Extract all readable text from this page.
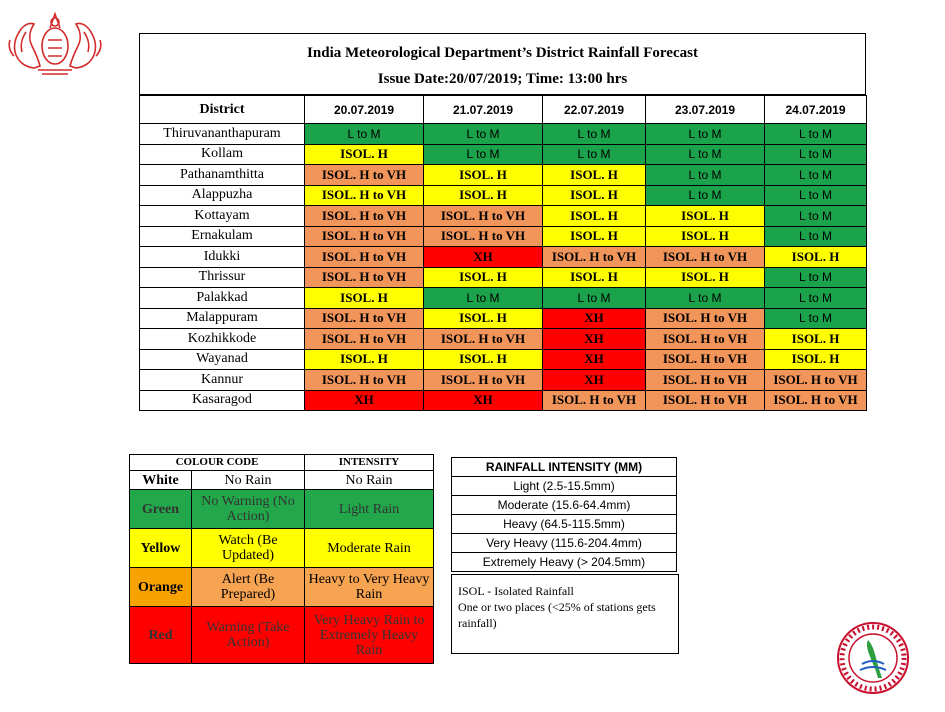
India Meteorological Department’s District Rainfall Forecast
Issue Date:20/07/2019; Time: 13:00 hrs
District	20.07.2019	21.07.2019	22.07.2019	23.07.2019	24.07.2019
Thiruvananthapuram	L to M	L to M	L to M	L to M	L to M
Kollam	ISOL. H	L to M	L to M	L to M	L to M
Pathanamthitta	ISOL. H to VH	ISOL. H	ISOL. H	L to M	L to M
Alappuzha	ISOL. H to VH	ISOL. H	ISOL. H	L to M	L to M
Kottayam	ISOL. H to VH	ISOL. H to VH	ISOL. H	ISOL. H	L to M
Ernakulam	ISOL. H to VH	ISOL. H to VH	ISOL. H	ISOL. H	L to M
Idukki	ISOL. H to VH	XH	ISOL. H to VH	ISOL. H to VH	ISOL. H
Thrissur	ISOL. H to VH	ISOL. H	ISOL. H	ISOL. H	L to M
Palakkad	ISOL. H	L to M	L to M	L to M	L to M
Malappuram	ISOL. H to VH	ISOL. H	XH	ISOL. H to VH	L to M
Kozhikkode	ISOL. H to VH	ISOL. H to VH	XH	ISOL. H to VH	ISOL. H
Wayanad	ISOL. H	ISOL. H	XH	ISOL. H to VH	ISOL. H
Kannur	ISOL. H to VH	ISOL. H to VH	XH	ISOL. H to VH	ISOL. H to VH
Kasaragod	XH	XH	ISOL. H to VH	ISOL. H to VH	ISOL. H to VH
COLOUR CODE		INTENSITY
White	No Rain	No Rain
Green	No Warning (No Action)	Light Rain
Yellow	Watch (Be Updated)	Moderate Rain
Orange	Alert (Be Prepared)	Heavy to Very Heavy Rain
Red	Warning (Take Action)	Very Heavy Rain to Extremely Heavy Rain
RAINFALL INTENSITY (MM)
Light (2.5-15.5mm)
Moderate (15.6-64.4mm)
Heavy (64.5-115.5mm)
Very Heavy (115.6-204.4mm)
Extremely Heavy (> 204.5mm)
ISOL - Isolated Rainfall
One or two places (<25% of stations gets rainfall)
